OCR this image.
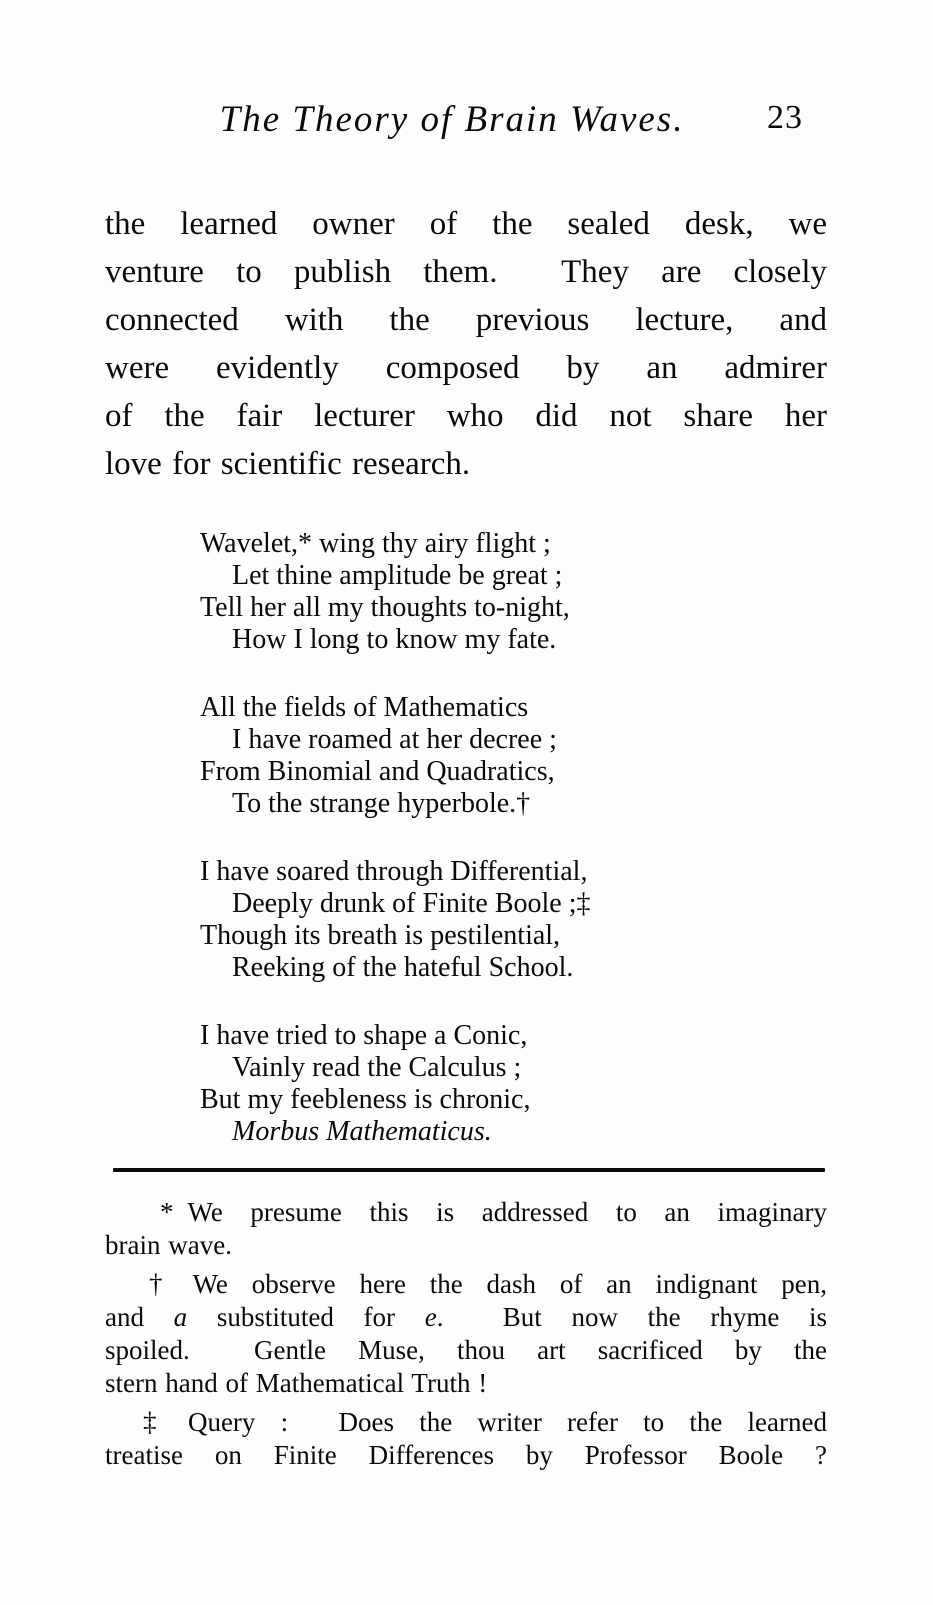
The Theory of Brain Waves. 23
the learned owner of the sealed desk, we
venture to publish them.  They are closely
connected with the previous lecture, and
were evidently composed by an admirer
of the fair lecturer who did not share her
love for scientific research.
Wavelet,* wing thy airy flight ;
Let thine amplitude be great ;
Tell her all my thoughts to-night,
How I long to know my fate.
All the fields of Mathematics
I have roamed at her decree ;
From Binomial and Quadratics,
To the strange hyperbole.†
I have soared through Differential,
Deeply drunk of Finite Boole ;‡
Though its breath is pestilential,
Reeking of the hateful School.
I have tried to shape a Conic,
Vainly read the Calculus ;
But my feebleness is chronic,
Morbus Mathematicus.
* We presume this is addressed to an imaginary
brain wave.
† We observe here the dash of an indignant pen,
and a substituted for e.  But now the rhyme is
spoiled.  Gentle Muse, thou art sacrificed by the
stern hand of Mathematical Truth !
‡ Query :  Does the writer refer to the learned
treatise on Finite Differences by Professor Boole ?
